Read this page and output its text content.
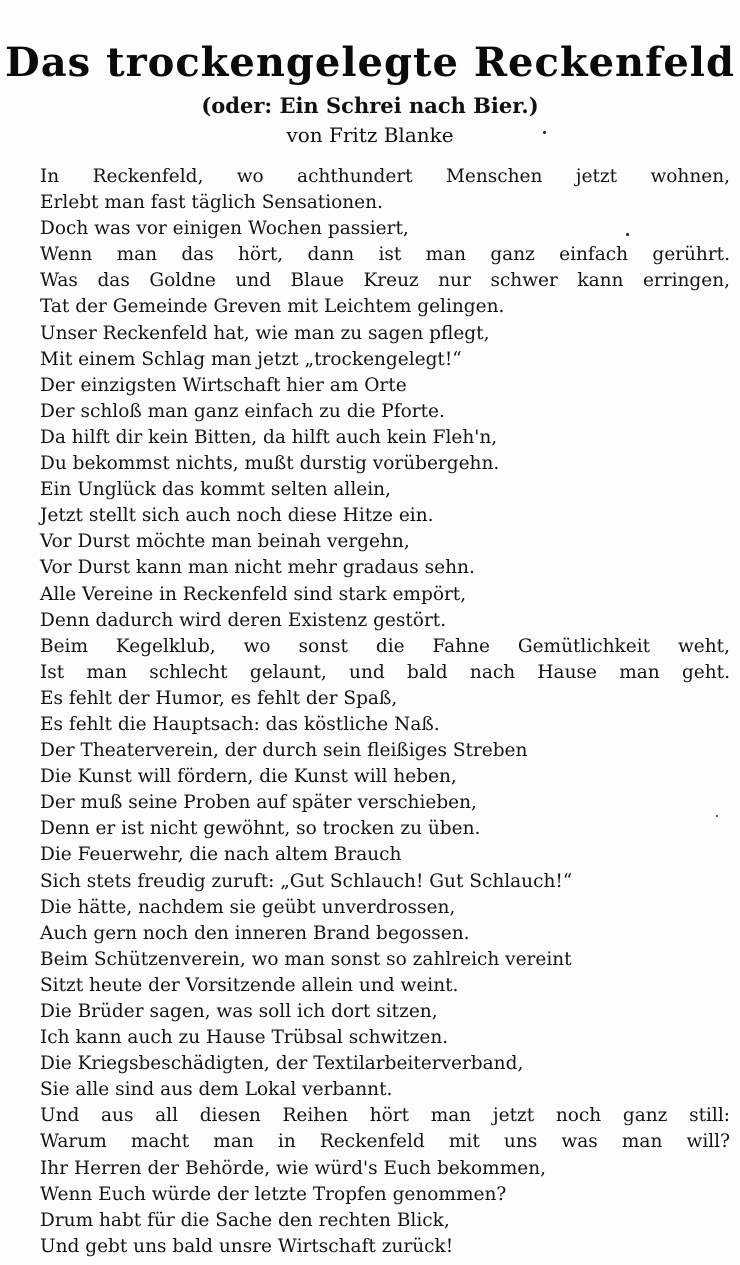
Das trockengelegte Reckenfeld
(oder: Ein Schrei nach Bier.)
von Fritz Blanke
In Reckenfeld, wo achthundert Menschen jetzt wohnen,
Erlebt man fast täglich Sensationen.
Doch was vor einigen Wochen passiert,
Wenn man das hört, dann ist man ganz einfach gerührt.
Was das Goldne und Blaue Kreuz nur schwer kann erringen,
Tat der Gemeinde Greven mit Leichtem gelingen.
Unser Reckenfeld hat, wie man zu sagen pflegt,
Mit einem Schlag man jetzt „trockengelegt!“
Der einzigsten Wirtschaft hier am Orte
Der schloß man ganz einfach zu die Pforte.
Da hilft dir kein Bitten, da hilft auch kein Fleh'n,
Du bekommst nichts, mußt durstig vorübergehn.
Ein Unglück das kommt selten allein,
Jetzt stellt sich auch noch diese Hitze ein.
Vor Durst möchte man beinah vergehn,
Vor Durst kann man nicht mehr gradaus sehn.
Alle Vereine in Reckenfeld sind stark empört,
Denn dadurch wird deren Existenz gestört.
Beim Kegelklub, wo sonst die Fahne Gemütlichkeit weht,
Ist man schlecht gelaunt, und bald nach Hause man geht.
Es fehlt der Humor, es fehlt der Spaß,
Es fehlt die Hauptsach: das köstliche Naß.
Der Theaterverein, der durch sein fleißiges Streben
Die Kunst will fördern, die Kunst will heben,
Der muß seine Proben auf später verschieben,
Denn er ist nicht gewöhnt, so trocken zu üben.
Die Feuerwehr, die nach altem Brauch
Sich stets freudig zuruft: „Gut Schlauch! Gut Schlauch!“
Die hätte, nachdem sie geübt unverdrossen,
Auch gern noch den inneren Brand begossen.
Beim Schützenverein, wo man sonst so zahlreich vereint
Sitzt heute der Vorsitzende allein und weint.
Die Brüder sagen, was soll ich dort sitzen,
Ich kann auch zu Hause Trübsal schwitzen.
Die Kriegsbeschädigten, der Textilarbeiterverband,
Sie alle sind aus dem Lokal verbannt.
Und aus all diesen Reihen hört man jetzt noch ganz still:
Warum macht man in Reckenfeld mit uns was man will?
Ihr Herren der Behörde, wie würd's Euch bekommen,
Wenn Euch würde der letzte Tropfen genommen?
Drum habt für die Sache den rechten Blick,
Und gebt uns bald unsre Wirtschaft zurück!
